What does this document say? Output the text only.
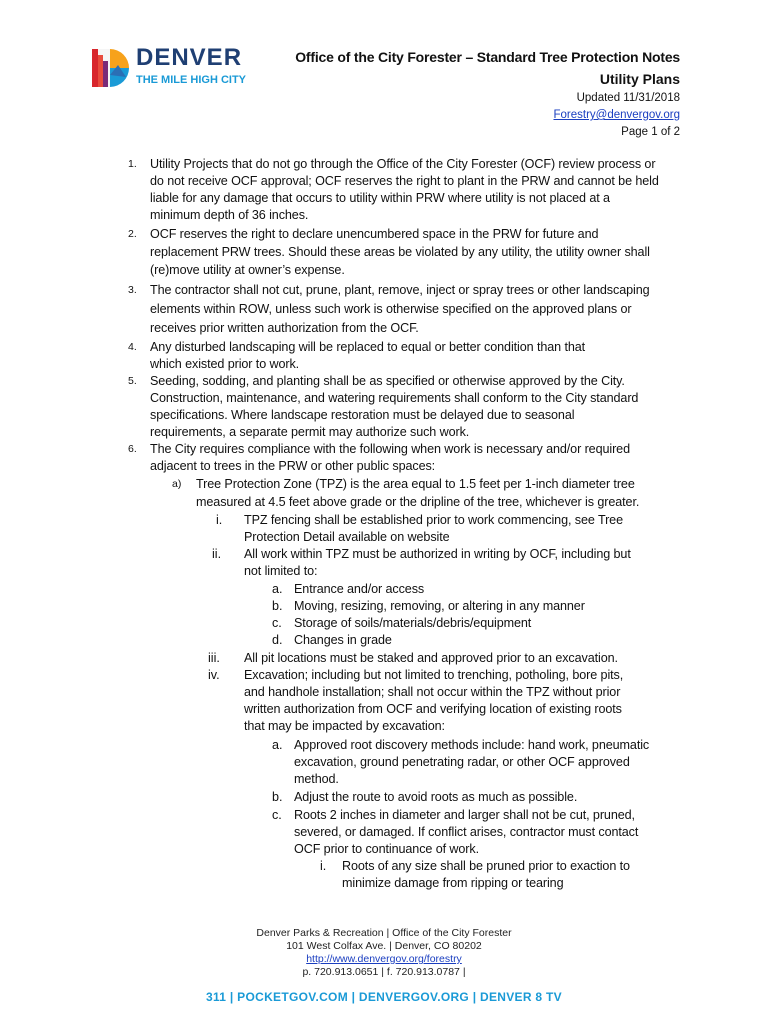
DENVER
THE MILE HIGH CITY
Office of the City Forester – Standard Tree Protection Notes
Utility Plans
Updated 11/31/2018
Forestry@denvergov.org
Page 1 of 2
1. Utility Projects that do not go through the Office of the City Forester (OCF) review process or
do not receive OCF approval; OCF reserves the right to plant in the PRW and cannot be held
liable for any damage that occurs to utility within PRW where utility is not placed at a
minimum depth of 36 inches.
2. OCF reserves the right to declare unencumbered space in the PRW for future and
replacement PRW trees. Should these areas be violated by any utility, the utility owner shall
(re)move utility at owner’s expense.
3. The contractor shall not cut, prune, plant, remove, inject or spray trees or other landscaping
elements within ROW, unless such work is otherwise specified on the approved plans or
receives prior written authorization from the OCF.
4. Any disturbed landscaping will be replaced to equal or better condition than that
which existed prior to work.
5. Seeding, sodding, and planting shall be as specified or otherwise approved by the City.
Construction, maintenance, and watering requirements shall conform to the City standard
specifications. Where landscape restoration must be delayed due to seasonal
requirements, a separate permit may authorize such work.
6. The City requires compliance with the following when work is necessary and/or required
adjacent to trees in the PRW or other public spaces:
a) Tree Protection Zone (TPZ) is the area equal to 1.5 feet per 1-inch diameter tree
measured at 4.5 feet above grade or the dripline of the tree, whichever is greater.
i. TPZ fencing shall be established prior to work commencing, see Tree
Protection Detail available on website
ii. All work within TPZ must be authorized in writing by OCF, including but
not limited to:
a. Entrance and/or access
b. Moving, resizing, removing, or altering in any manner
c. Storage of soils/materials/debris/equipment
d. Changes in grade
iii. All pit locations must be staked and approved prior to an excavation.
iv. Excavation; including but not limited to trenching, potholing, bore pits,
and handhole installation; shall not occur within the TPZ without prior
written authorization from OCF and verifying location of existing roots
that may be impacted by excavation:
a. Approved root discovery methods include: hand work, pneumatic
excavation, ground penetrating radar, or other OCF approved
method.
b. Adjust the route to avoid roots as much as possible.
c. Roots 2 inches in diameter and larger shall not be cut, pruned,
severed, or damaged. If conflict arises, contractor must contact
OCF prior to continuance of work.
i. Roots of any size shall be pruned prior to exaction to
minimize damage from ripping or tearing
Denver Parks & Recreation | Office of the City Forester
101 West Colfax Ave. | Denver, CO 80202
http://www.denvergov.org/forestry
p. 720.913.0651 | f. 720.913.0787 |
311 | POCKETGOV.COM | DENVERGOV.ORG | DENVER 8 TV
